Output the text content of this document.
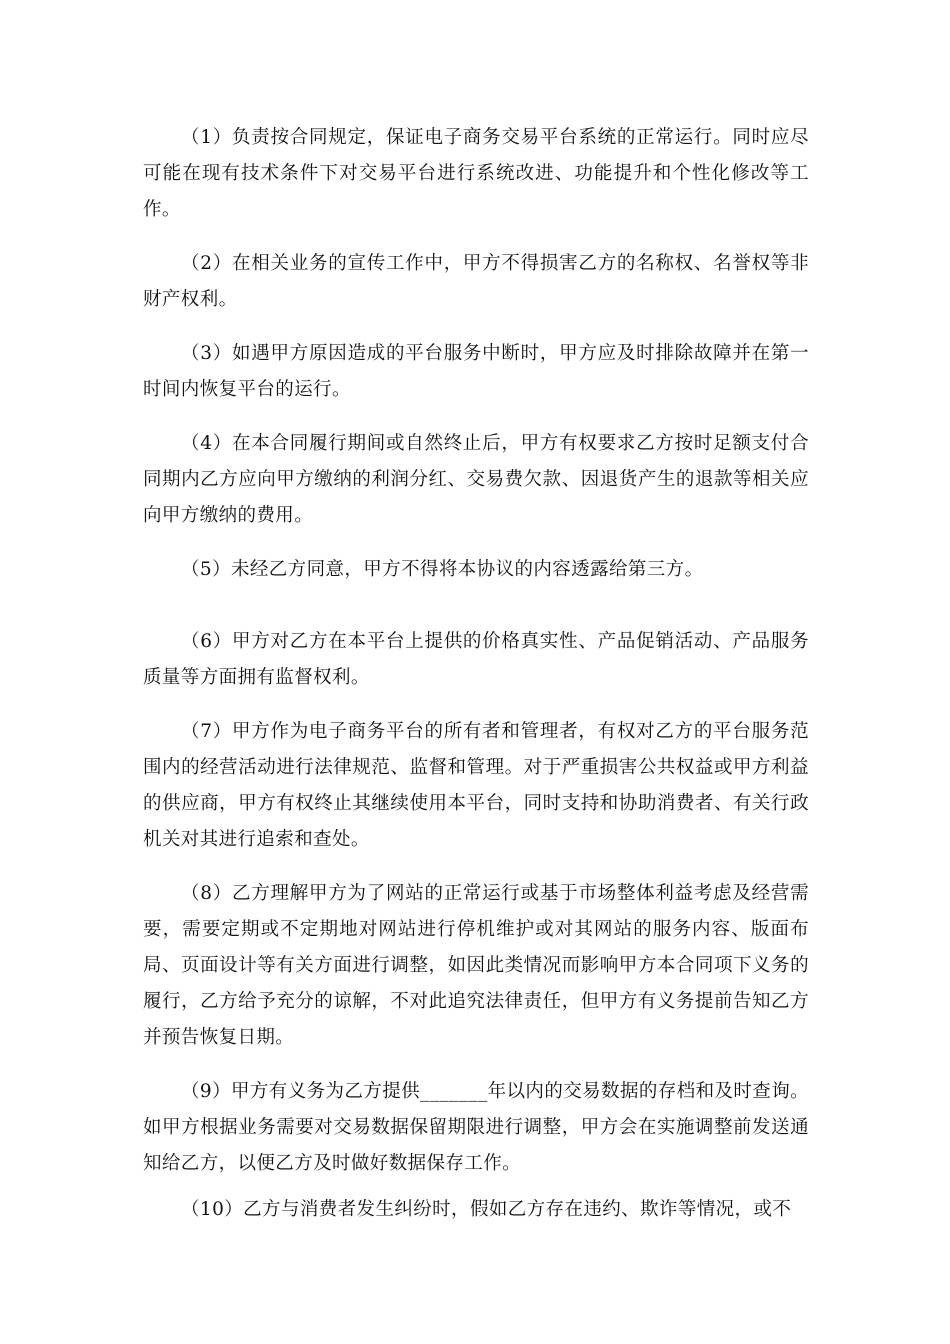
（1）负责按合同规定，保证电子商务交易平台系统的正常运行。同时应尽可能在现有技术条件下对交易平台进行系统改进、功能提升和个性化修改等工作。

（2）在相关业务的宣传工作中，甲方不得损害乙方的名称权、名誉权等非财产权利。

（3）如遇甲方原因造成的平台服务中断时，甲方应及时排除故障并在第一时间内恢复平台的运行。

（4）在本合同履行期间或自然终止后，甲方有权要求乙方按时足额支付合同期内乙方应向甲方缴纳的利润分红、交易费欠款、因退货产生的退款等相关应向甲方缴纳的费用。

（5）未经乙方同意，甲方不得将本协议的内容透露给第三方。

（6）甲方对乙方在本平台上提供的价格真实性、产品促销活动、产品服务质量等方面拥有监督权利。

（7）甲方作为电子商务平台的所有者和管理者，有权对乙方的平台服务范围内的经营活动进行法律规范、监督和管理。对于严重损害公共权益或甲方利益的供应商，甲方有权终止其继续使用本平台，同时支持和协助消费者、有关行政机关对其进行追索和查处。

（8）乙方理解甲方为了网站的正常运行或基于市场整体利益考虑及经营需要，需要定期或不定期地对网站进行停机维护或对其网站的服务内容、版面布局、页面设计等有关方面进行调整，如因此类情况而影响甲方本合同项下义务的履行，乙方给予充分的谅解，不对此追究法律责任，但甲方有义务提前告知乙方并预告恢复日期。

（9）甲方有义务为乙方提供_______年以内的交易数据的存档和及时查询。如甲方根据业务需要对交易数据保留期限进行调整，甲方会在实施调整前发送通知给乙方，以便乙方及时做好数据保存工作。

（10）乙方与消费者发生纠纷时，假如乙方存在违约、欺诈等情况，或不
